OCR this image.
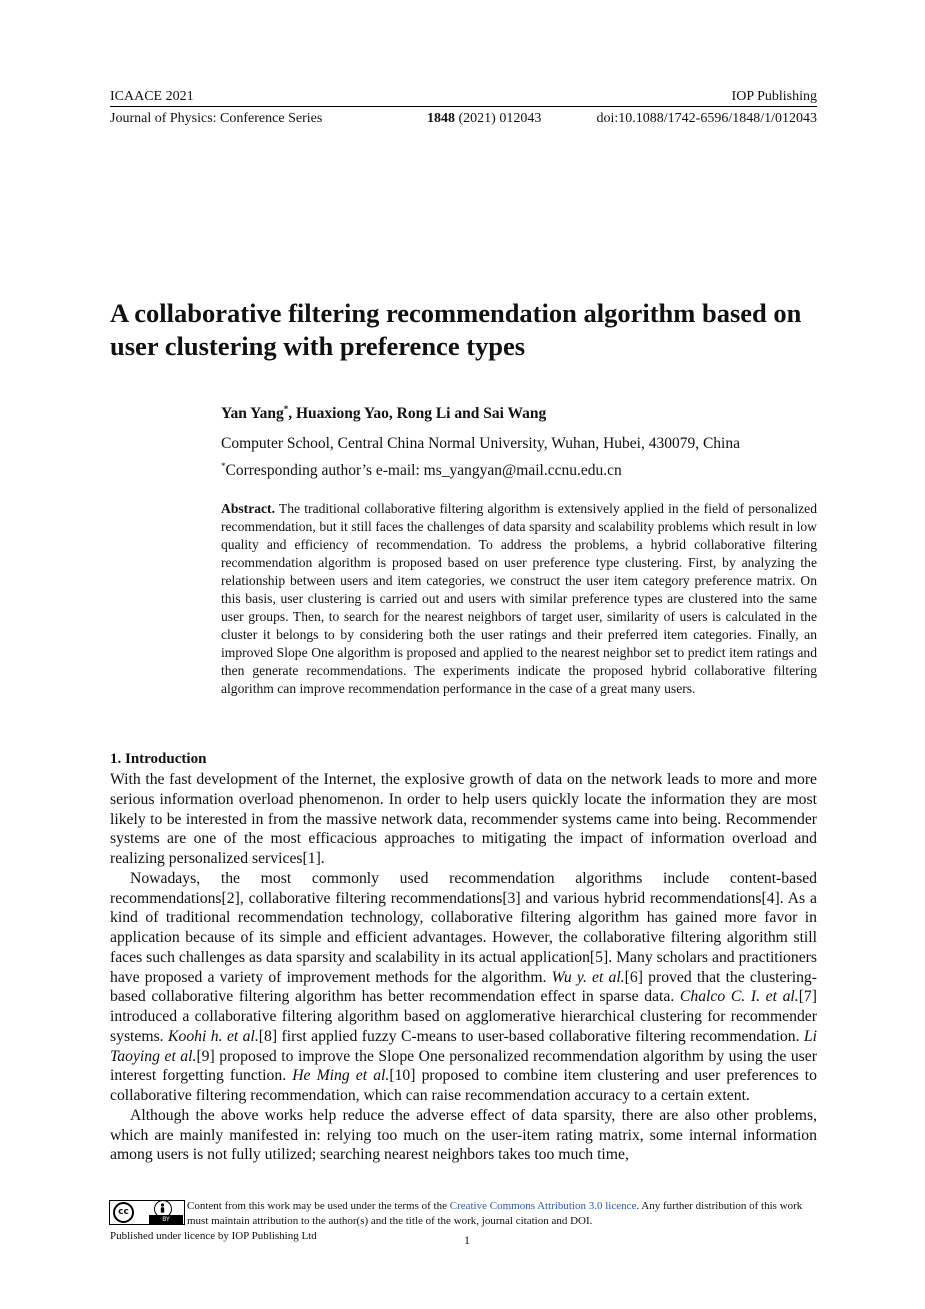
ICAACE 2021	IOP Publishing
Journal of Physics: Conference Series	1848 (2021) 012043	doi:10.1088/1742-6596/1848/1/012043
A collaborative filtering recommendation algorithm based on
user clustering with preference types
Yan Yang*, Huaxiong Yao, Rong Li and Sai Wang
Computer School, Central China Normal University, Wuhan, Hubei, 430079, China
*Corresponding author’s e-mail: ms_yangyan@mail.ccnu.edu.cn
Abstract. The traditional collaborative filtering algorithm is extensively applied in the field of personalized recommendation, but it still faces the challenges of data sparsity and scalability problems which result in low quality and efficiency of recommendation. To address the problems, a hybrid collaborative filtering recommendation algorithm is proposed based on user preference type clustering. First, by analyzing the relationship between users and item categories, we construct the user item category preference matrix. On this basis, user clustering is carried out and users with similar preference types are clustered into the same user groups. Then, to search for the nearest neighbors of target user, similarity of users is calculated in the cluster it belongs to by considering both the user ratings and their preferred item categories. Finally, an improved Slope One algorithm is proposed and applied to the nearest neighbor set to predict item ratings and then generate recommendations. The experiments indicate the proposed hybrid collaborative filtering algorithm can improve recommendation performance in the case of a great many users.
1. Introduction

With the fast development of the Internet, the explosive growth of data on the network leads to more and more serious information overload phenomenon. In order to help users quickly locate the information they are most likely to be interested in from the massive network data, recommender systems came into being. Recommender systems are one of the most efficacious approaches to mitigating the impact of information overload and realizing personalized services[1].

Nowadays, the most commonly used recommendation algorithms include content-based recommendations[2], collaborative filtering recommendations[3] and various hybrid recommendations[4]. As a kind of traditional recommendation technology, collaborative filtering algorithm has gained more favor in application because of its simple and efficient advantages. However, the collaborative filtering algorithm still faces such challenges as data sparsity and scalability in its actual application[5]. Many scholars and practitioners have proposed a variety of improvement methods for the algorithm. Wu y. et al.[6] proved that the clustering-based collaborative filtering algorithm has better recommendation effect in sparse data. Chalco C. I. et al.[7] introduced a collaborative filtering algorithm based on agglomerative hierarchical clustering for recommender systems. Koohi h. et al.[8] first applied fuzzy C-means to user-based collaborative filtering recommendation. Li Taoying et al.[9] proposed to improve the Slope One personalized recommendation algorithm by using the user interest forgetting function. He Ming et al.[10] proposed to combine item clustering and user preferences to collaborative filtering recommendation, which can raise recommendation accuracy to a certain extent.

Although the above works help reduce the adverse effect of data sparsity, there are also other problems, which are mainly manifested in: relying too much on the user-item rating matrix, some internal information among users is not fully utilized; searching nearest neighbors takes too much time,

cc
BY
Content from this work may be used under the terms of the Creative Commons Attribution 3.0 licence. Any further distribution of this work must maintain attribution to the author(s) and the title of the work, journal citation and DOI.
Published under licence by IOP Publishing Ltd	1
